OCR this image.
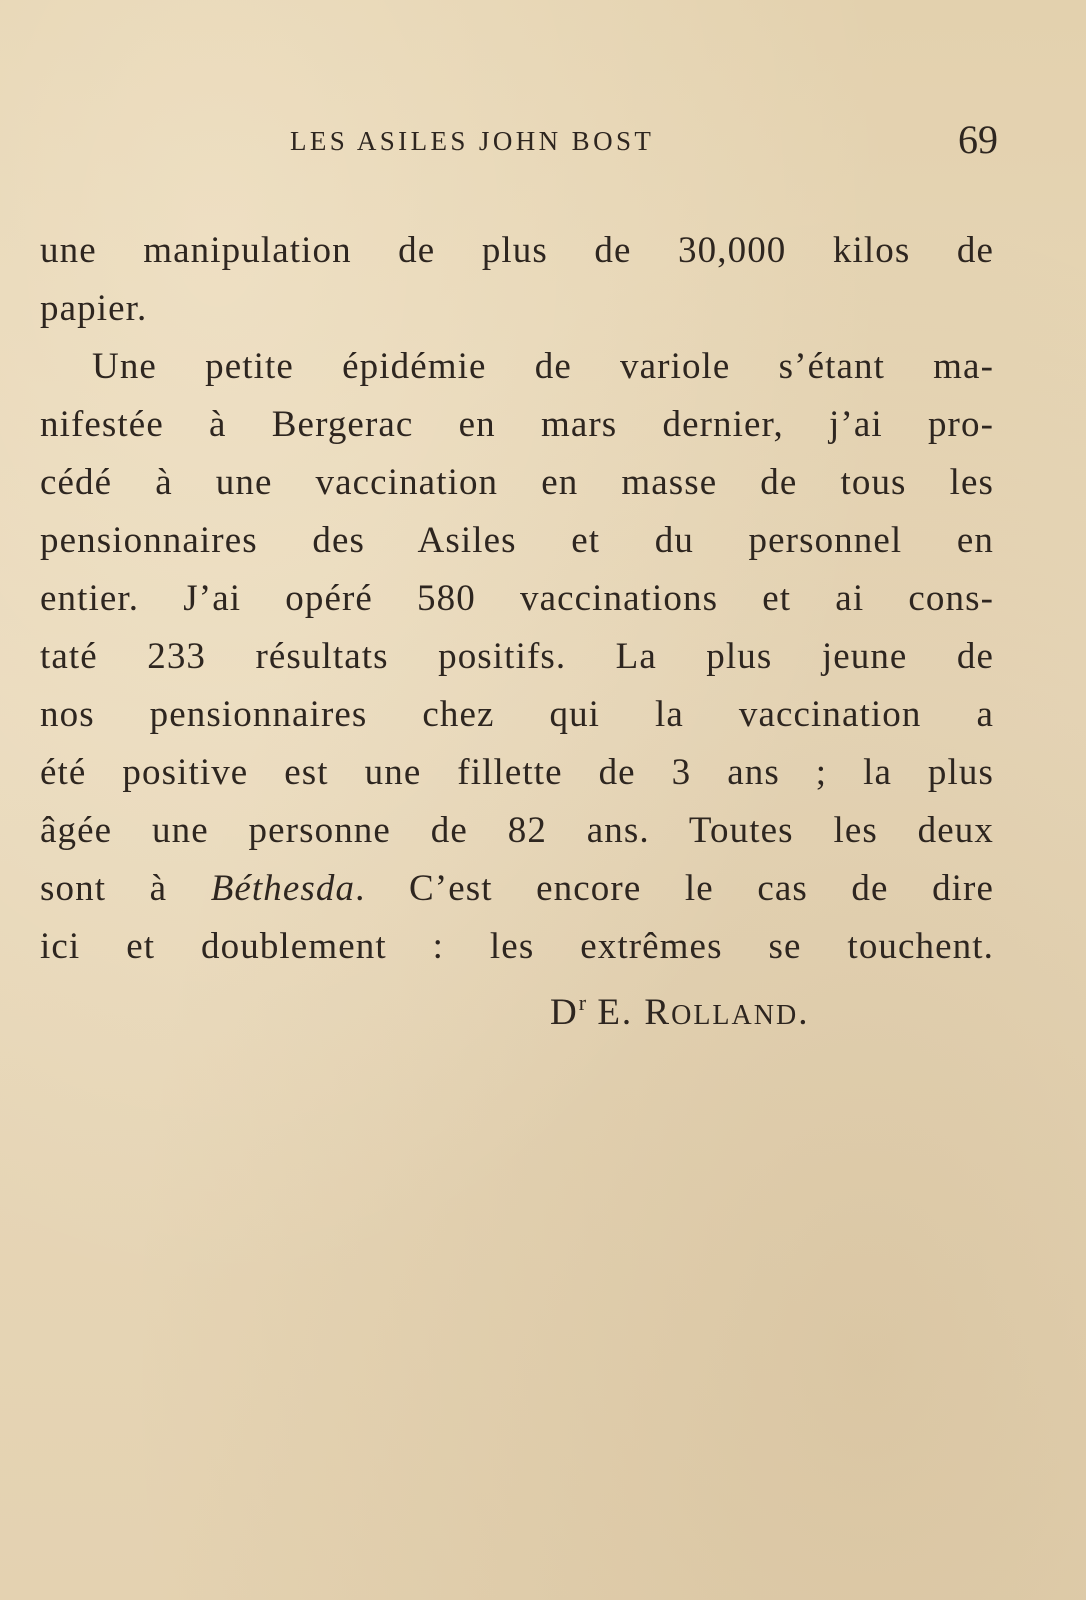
LES ASILES JOHN BOST	69
une manipulation de plus de 30,000 kilos de
papier.
Une petite épidémie de variole s’étant ma-
nifestée à Bergerac en mars dernier, j’ai pro-
cédé à une vaccination en masse de tous les
pensionnaires des Asiles et du personnel en
entier. J’ai opéré 580 vaccinations et ai cons-
taté 233 résultats positifs. La plus jeune de
nos pensionnaires chez qui la vaccination a
été positive est une fillette de 3 ans ; la plus
âgée une personne de 82 ans. Toutes les deux
sont à Béthesda. C’est encore le cas de dire
ici et doublement : les extrêmes se touchent.
$D^r$ E. ROLLAND.
